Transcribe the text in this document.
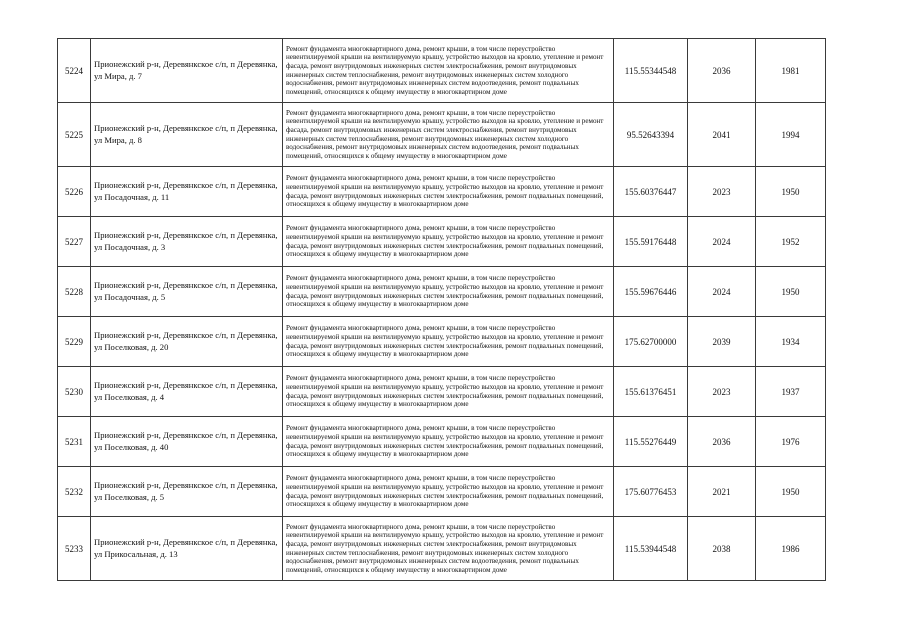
5224	Прионежский р-н, Деревянкское с/п, п Деревянка, ул Мира, д. 7	Ремонт фундамента многоквартирного дома, ремонт крыши, в том числе переустройство невентилируемой крыши на вентилируемую крышу, устройство выходов на кровлю, утепление и ремонт фасада, ремонт внутридомовых инженерных систем электроснабжения, ремонт внутридомовых инженерных систем теплоснабжения, ремонт внутридомовых инженерных систем холодного водоснабжения, ремонт внутридомовых инженерных систем водоотведения, ремонт подвальных помещений, относящихся к общему имуществу в многоквартирном доме	115.55344548	2036	1981
5225	Прионежский р-н, Деревянкское с/п, п Деревянка, ул Мира, д. 8	Ремонт фундамента многоквартирного дома, ремонт крыши, в том числе переустройство невентилируемой крыши на вентилируемую крышу, устройство выходов на кровлю, утепление и ремонт фасада, ремонт внутридомовых инженерных систем электроснабжения, ремонт внутридомовых инженерных систем теплоснабжения, ремонт внутридомовых инженерных систем холодного водоснабжения, ремонт внутридомовых инженерных систем водоотведения, ремонт подвальных помещений, относящихся к общему имуществу в многоквартирном доме	95.52643394	2041	1994
5226	Прионежский р-н, Деревянкское с/п, п Деревянка, ул Посадочная, д. 11	Ремонт фундамента многоквартирного дома, ремонт крыши, в том числе переустройство невентилируемой крыши на вентилируемую крышу, устройство выходов на кровлю, утепление и ремонт фасада, ремонт внутридомовых инженерных систем электроснабжения, ремонт подвальных помещений, относящихся к общему имуществу в многоквартирном доме	155.60376447	2023	1950
5227	Прионежский р-н, Деревянкское с/п, п Деревянка, ул Посадочная, д. 3	Ремонт фундамента многоквартирного дома, ремонт крыши, в том числе переустройство невентилируемой крыши на вентилируемую крышу, устройство выходов на кровлю, утепление и ремонт фасада, ремонт внутридомовых инженерных систем электроснабжения, ремонт подвальных помещений, относящихся к общему имуществу в многоквартирном доме	155.59176448	2024	1952
5228	Прионежский р-н, Деревянкское с/п, п Деревянка, ул Посадочная, д. 5	Ремонт фундамента многоквартирного дома, ремонт крыши, в том числе переустройство невентилируемой крыши на вентилируемую крышу, устройство выходов на кровлю, утепление и ремонт фасада, ремонт внутридомовых инженерных систем электроснабжения, ремонт подвальных помещений, относящихся к общему имуществу в многоквартирном доме	155.59676446	2024	1950
5229	Прионежский р-н, Деревянкское с/п, п Деревянка, ул Поселковая, д. 20	Ремонт фундамента многоквартирного дома, ремонт крыши, в том числе переустройство невентилируемой крыши на вентилируемую крышу, устройство выходов на кровлю, утепление и ремонт фасада, ремонт внутридомовых инженерных систем электроснабжения, ремонт подвальных помещений, относящихся к общему имуществу в многоквартирном доме	175.62700000	2039	1934
5230	Прионежский р-н, Деревянкское с/п, п Деревянка, ул Поселковая, д. 4	Ремонт фундамента многоквартирного дома, ремонт крыши, в том числе переустройство невентилируемой крыши на вентилируемую крышу, устройство выходов на кровлю, утепление и ремонт фасада, ремонт внутридомовых инженерных систем электроснабжения, ремонт подвальных помещений, относящихся к общему имуществу в многоквартирном доме	155.61376451	2023	1937
5231	Прионежский р-н, Деревянкское с/п, п Деревянка, ул Поселковая, д. 40	Ремонт фундамента многоквартирного дома, ремонт крыши, в том числе переустройство невентилируемой крыши на вентилируемую крышу, устройство выходов на кровлю, утепление и ремонт фасада, ремонт внутридомовых инженерных систем электроснабжения, ремонт подвальных помещений, относящихся к общему имуществу в многоквартирном доме	115.55276449	2036	1976
5232	Прионежский р-н, Деревянкское с/п, п Деревянка, ул Поселковая, д. 5	Ремонт фундамента многоквартирного дома, ремонт крыши, в том числе переустройство невентилируемой крыши на вентилируемую крышу, устройство выходов на кровлю, утепление и ремонт фасада, ремонт внутридомовых инженерных систем электроснабжения, ремонт подвальных помещений, относящихся к общему имуществу в многоквартирном доме	175.60776453	2021	1950
5233	Прионежский р-н, Деревянкское с/п, п Деревянка, ул Прикосальная, д. 13	Ремонт фундамента многоквартирного дома, ремонт крыши, в том числе переустройство невентилируемой крыши на вентилируемую крышу, устройство выходов на кровлю, утепление и ремонт фасада, ремонт внутридомовых инженерных систем электроснабжения, ремонт внутридомовых инженерных систем теплоснабжения, ремонт внутридомовых инженерных систем холодного водоснабжения, ремонт внутридомовых инженерных систем водоотведения, ремонт подвальных помещений, относящихся к общему имуществу в многоквартирном доме	115.53944548	2038	1986
